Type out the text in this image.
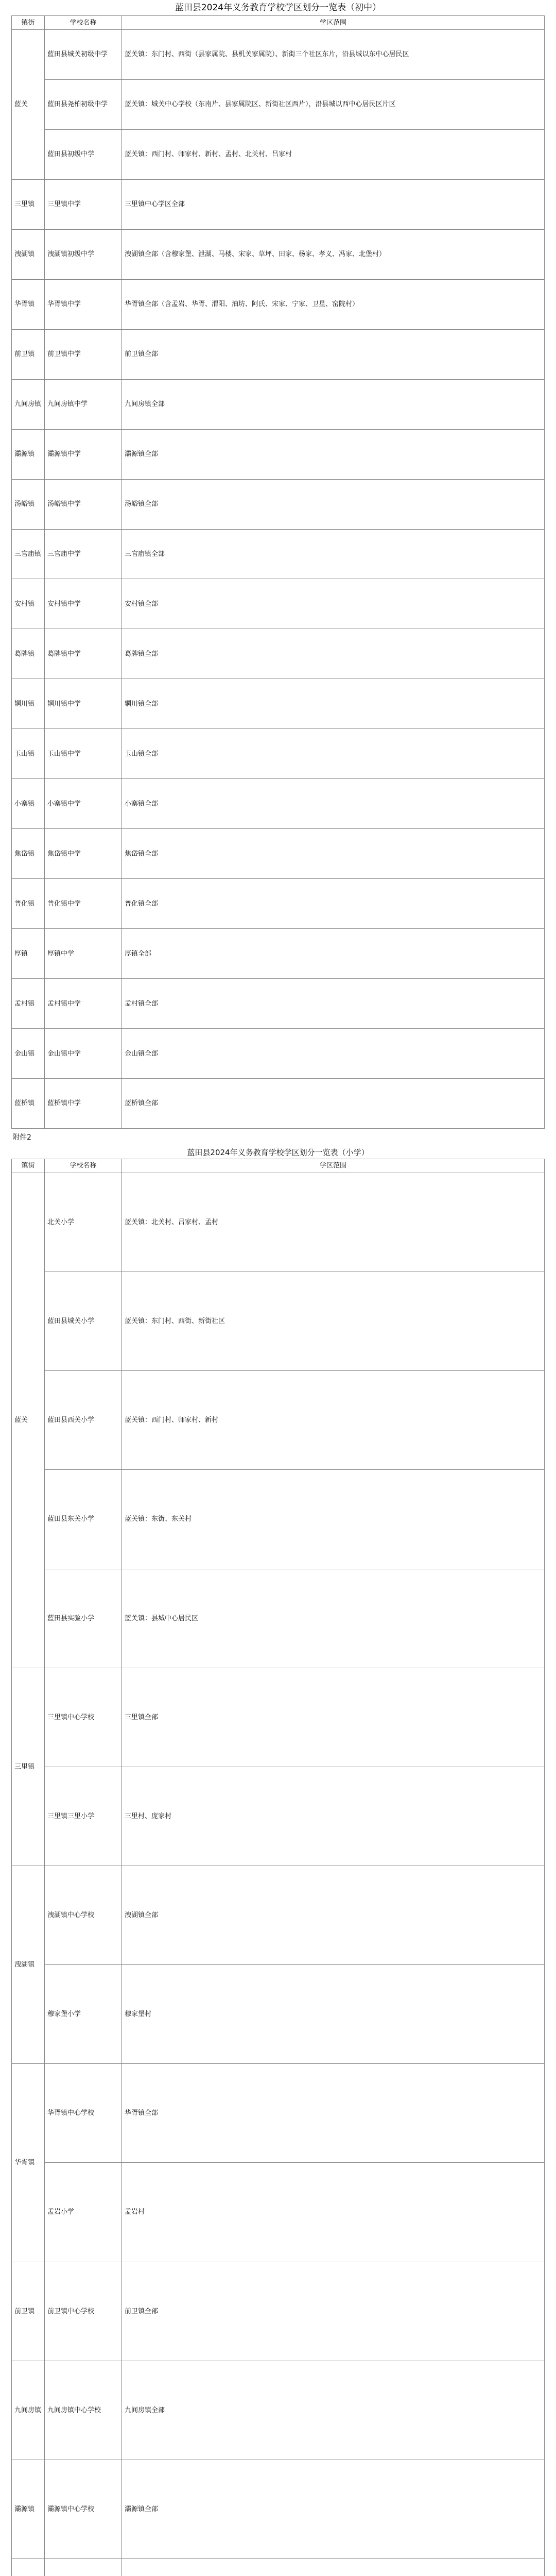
蓝田县2024年义务教育学校学区划分一览表（初中）
镇街	学校名称	学区范围
蓝关	蓝田县城关初级中学	蓝关镇：东门村、西街（县家属院、县机关家属院）、新街三个社区东片，沿县城以东中心居民区
	蓝田县尧柏初级中学	蓝关镇：城关中心学校（东南片、县家属院区、新街社区西片），沿县城以西中心居民区片区
	蓝田县初级中学	蓝关镇：西门村、师家村、新村、孟村、北关村、吕家村
三里镇	三里镇中学	三里镇中心学区全部
洩湖镇	洩湖镇初级中学	洩湖镇全部（含穆家堡、泄湖、马楼、宋家、草坪、田家、杨家、孝义、冯家、北堡村）
华胥镇	华胥镇中学	华胥镇全部（含孟岩、华胥、渭阳、油坊、阿氏、宋家、宁家、卫星、窑院村）
前卫镇	前卫镇中学	前卫镇全部
九间房镇	九间房镇中学	九间房镇全部
灞源镇	灞源镇中学	灞源镇全部
汤峪镇	汤峪镇中学	汤峪镇全部
三官庙镇	三官庙中学	三官庙镇全部
安村镇	安村镇中学	安村镇全部
葛牌镇	葛牌镇中学	葛牌镇全部
辋川镇	辋川镇中学	辋川镇全部
玉山镇	玉山镇中学	玉山镇全部
小寨镇	小寨镇中学	小寨镇全部
焦岱镇	焦岱镇中学	焦岱镇全部
普化镇	普化镇中学	普化镇全部
厚镇	厚镇中学	厚镇全部
孟村镇	孟村镇中学	孟村镇全部
金山镇	金山镇中学	金山镇全部
蓝桥镇	蓝桥镇中学	蓝桥镇全部
附件2
蓝田县2024年义务教育学校学区划分一览表（小学）
镇街	学校名称	学区范围
蓝关	北关小学	蓝关镇：北关村、吕家村、孟村
	蓝田县城关小学	蓝关镇：东门村、西街、新街社区
	蓝田县西关小学	蓝关镇：西门村、师家村、新村
	蓝田县东关小学	蓝关镇：东街、东关村
	蓝田县实验小学	蓝关镇：县城中心居民区
三里镇	三里镇中心学校	三里镇全部
	三里镇三里小学	三里村、庞家村
洩湖镇	洩湖镇中心学校	洩湖镇全部
	穆家堡小学	穆家堡村
华胥镇	华胥镇中心学校	华胥镇全部
	孟岩小学	孟岩村
前卫镇	前卫镇中心学校	前卫镇全部
九间房镇	九间房镇中心学校	九间房镇全部
灞源镇	灞源镇中心学校	灞源镇全部
